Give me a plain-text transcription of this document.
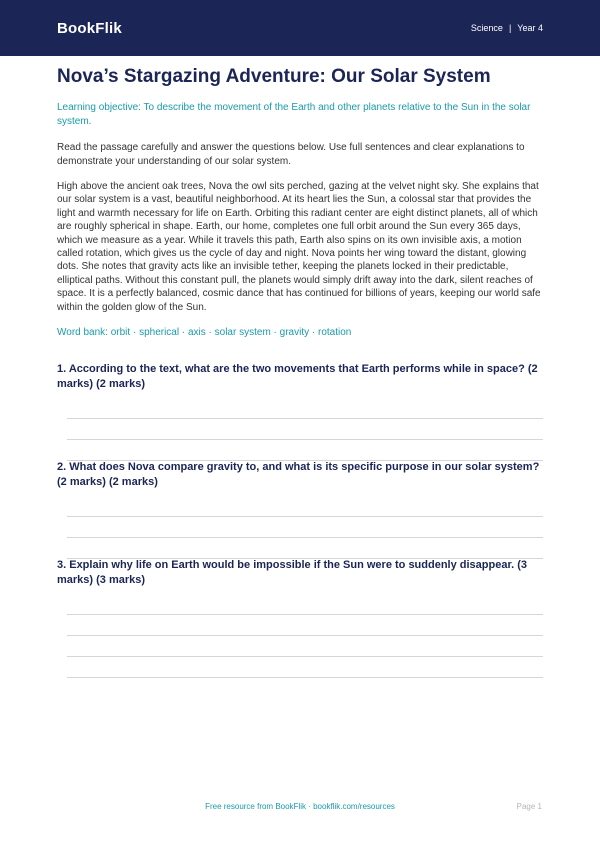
BookFlik	Science | Year 4
Nova’s Stargazing Adventure: Our Solar System

Learning objective: To describe the movement of the Earth and other planets relative to the Sun in the solar system.

Read the passage carefully and answer the questions below. Use full sentences and clear explanations to demonstrate your understanding of our solar system.

High above the ancient oak trees, Nova the owl sits perched, gazing at the velvet night sky. She explains that our solar system is a vast, beautiful neighborhood. At its heart lies the Sun, a colossal star that provides the light and warmth necessary for life on Earth. Orbiting this radiant center are eight distinct planets, all of which are roughly spherical in shape. Earth, our home, completes one full orbit around the Sun every 365 days, which we measure as a year. While it travels this path, Earth also spins on its own invisible axis, a motion called rotation, which gives us the cycle of day and night. Nova points her wing toward the distant, glowing dots. She notes that gravity acts like an invisible tether, keeping the planets locked in their predictable, elliptical paths. Without this constant pull, the planets would simply drift away into the dark, silent reaches of space. It is a perfectly balanced, cosmic dance that has continued for billions of years, keeping our world safe within the golden glow of the Sun.

Word bank: orbit · spherical · axis · solar system · gravity · rotation

1. According to the text, what are the two movements that Earth performs while in space? (2 marks) (2 marks)

2. What does Nova compare gravity to, and what is its specific purpose in our solar system? (2 marks) (2 marks)

3. Explain why life on Earth would be impossible if the Sun were to suddenly disappear. (3 marks) (3 marks)

Free resource from BookFlik · bookflik.com/resources	Page 1
